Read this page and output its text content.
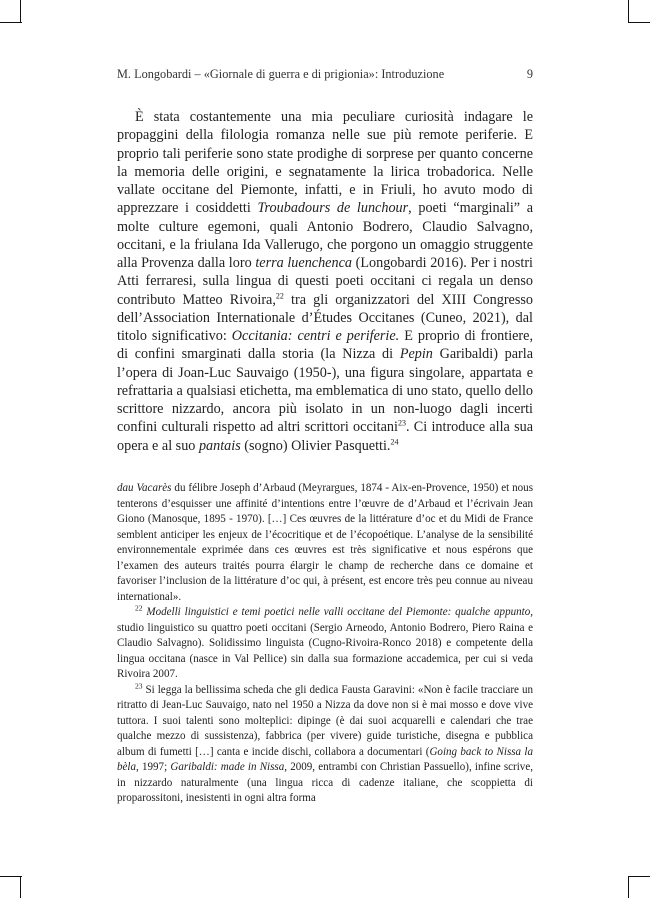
M. Longobardi – «Giornale di guerra e di prigionia»: Introduzione	9

È stata costantemente una mia peculiare curiosità indagare le propaggini della filologia romanza nelle sue più remote periferie. E proprio tali periferie sono state prodighe di sorprese per quanto concerne la memoria delle origini, e segnatamente la lirica trobadorica. Nelle vallate occitane del Piemonte, infatti, e in Friuli, ho avuto modo di apprezzare i cosiddetti Troubadours de lunchour, poeti “marginali” a molte culture egemoni, quali Antonio Bodrero, Claudio Salvagno, occitani, e la friulana Ida Vallerugo, che porgono un omaggio struggente alla Provenza dalla loro terra luenchenca (Longobardi 2016). Per i nostri Atti ferraresi, sulla lingua di questi poeti occitani ci regala un denso contributo Matteo Rivoira,$^{22}$ tra gli organizzatori del XIII Congresso dell’Association Internationale d’Études Occitanes (Cuneo, 2021), dal titolo significativo: Occitania: centri e periferie. E proprio di frontiere, di confini smarginati dalla storia (la Nizza di Pepin Garibaldi) parla l’opera di Joan-Luc Sauvaigo (1950-), una figura singolare, appartata e refrattaria a qualsiasi etichetta, ma emblematica di uno stato, quello dello scrittore nizzardo, ancora più isolato in un non-luogo dagli incerti confini culturali rispetto ad altri scrittori occitani$^{23}$. Ci introduce alla sua opera e al suo pantais (sogno) Olivier Pasquetti.$^{24}$

dau Vacarès du félibre Joseph d’Arbaud (Meyrargues, 1874 - Aix-en-Provence, 1950) et nous tenterons d’esquisser une affinité d’intentions entre l’œuvre de d’Arbaud et l’écrivain Jean Giono (Manosque, 1895 - 1970). […] Ces œuvres de la littérature d’oc et du Midi de France semblent anticiper les enjeux de l’écocritique et de l’écopoétique. L’analyse de la sensibilité environnementale exprimée dans ces œuvres est très significative et nous espérons que l’examen des auteurs traités pourra élargir le champ de recherche dans ce domaine et favoriser l’inclusion de la littérature d’oc qui, à présent, est encore très peu connue au niveau international».

$^{22}$ Modelli linguistici e temi poetici nelle valli occitane del Piemonte: qualche appunto, studio linguistico su quattro poeti occitani (Sergio Arneodo, Antonio Bodrero, Piero Raina e Claudio Salvagno). Solidissimo linguista (Cugno-Rivoira-Ronco 2018) e competente della lingua occitana (nasce in Val Pellice) sin dalla sua formazione accademica, per cui si veda Rivoira 2007.

$^{23}$ Si legga la bellissima scheda che gli dedica Fausta Garavini: «Non è facile tracciare un ritratto di Jean-Luc Sauvaigo, nato nel 1950 a Nizza da dove non si è mai mosso e dove vive tuttora. I suoi talenti sono molteplici: dipinge (è dai suoi acquarelli e calendari che trae qualche mezzo di sussistenza), fabbrica (per vivere) guide turistiche, disegna e pubblica album di fumetti […] canta e incide dischi, collabora a documentari (Going back to Nissa la bèla, 1997; Garibaldi: made in Nissa, 2009, entrambi con Christian Passuello), infine scrive, in nizzardo naturalmente (una lingua ricca di cadenze italiane, che scoppietta di proparossitoni, inesistenti in ogni altra forma
